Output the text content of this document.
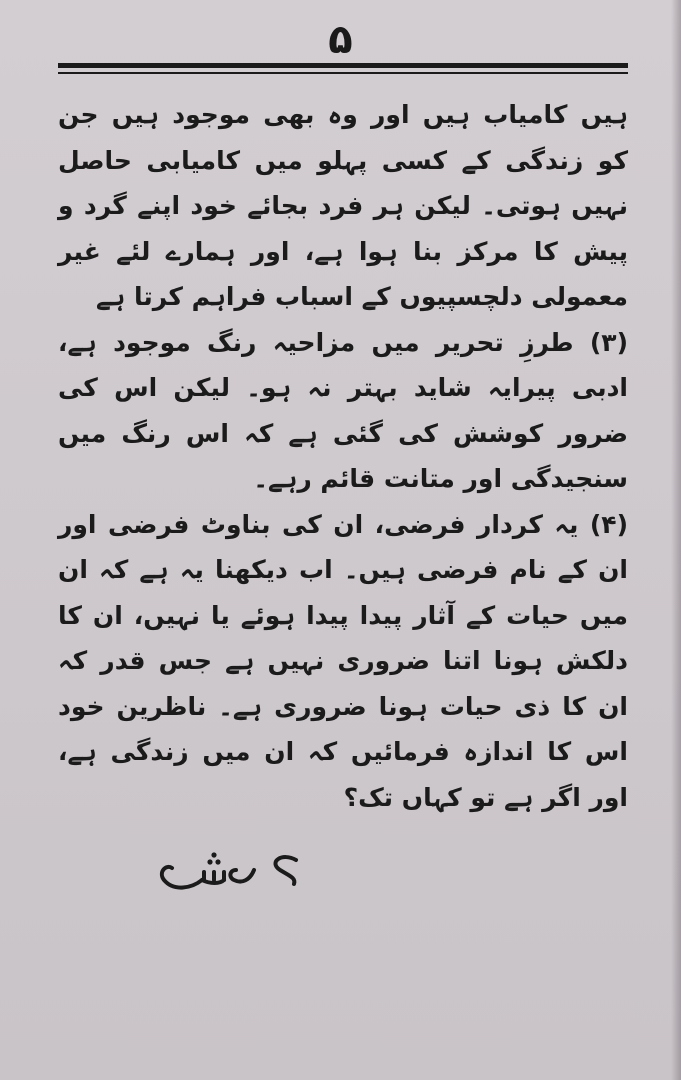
۵

ہیں کامیاب ہیں اور وہ بھی موجود ہیں جن کو زندگی کے کسی پہلو میں کامیابی حاصل نہیں ہوتی۔ لیکن ہر فرد بجائے خود اپنے گرد و پیش کا مرکز بنا ہوا ہے، اور ہمارے لئے غیر معمولی دلچسپیوں کے اسباب فراہم کرتا ہے

(۳) طرزِ تحریر میں مزاحیہ رنگ موجود ہے، ادبی پیرایہ شاید بہتر نہ ہو۔ لیکن اس کی ضرور کوشش کی گئی ہے کہ اس رنگ میں سنجیدگی اور متانت قائم رہے۔

(۴) یہ کردار فرضی، ان کی بناوٹ فرضی اور ان کے نام فرضی ہیں۔ اب دیکھنا یہ ہے کہ ان میں حیات کے آثار پیدا پیدا ہوئے یا نہیں، ان کا دلکش ہونا اتنا ضروری نہیں ہے جس قدر کہ ان کا ذی حیات ہونا ضروری ہے۔ ناظرین خود اس کا اندازہ فرمائیں کہ ان میں زندگی ہے، اور اگر ہے تو کہاں تک؟
